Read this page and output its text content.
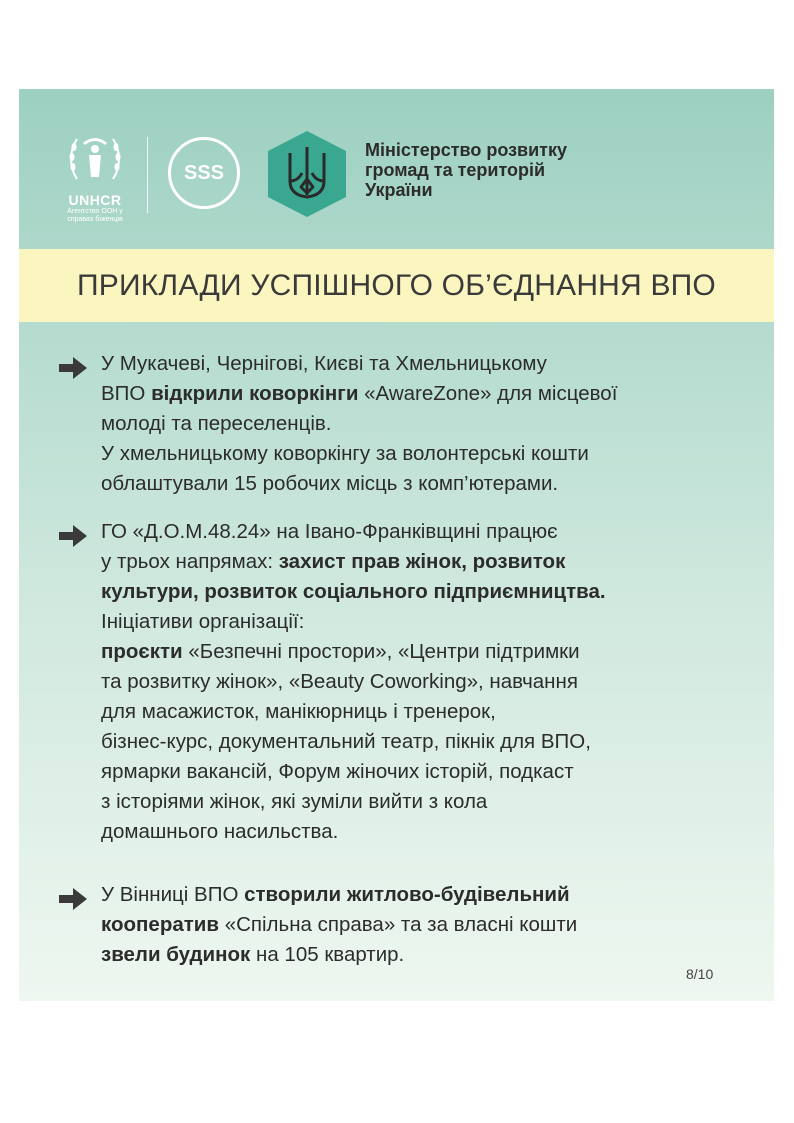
UNHCR
Агентство ООН у справах біженців
SSS
Міністерство розвитку
громад та територій
України
ПРИКЛАДИ УСПІШНОГО ОБ’ЄДНАННЯ ВПО

У Мукачеві, Чернігові, Києві та Хмельницькому

ВПО відкрили коворкінги «AwareZone» для місцевої

молоді та переселенців.

У хмельницькому коворкінгу за волонтерські кошти

облаштували 15 робочих місць з комп’ютерами.

ГО «Д.О.М.48.24» на Івано-Франківщині працює

у трьох напрямах: захист прав жінок, розвиток

культури, розвиток соціального підприємництва.

Ініціативи організації:

проєкти «Безпечні простори», «Центри підтримки

та розвитку жінок», «Beauty Coworking», навчання

для масажисток, манікюрниць і тренерок,

бізнес-курс, документальний театр, пікнік для ВПО,

ярмарки вакансій, Форум жіночих історій, подкаст

з історіями жінок, які зуміли вийти з кола

домашнього насильства.

У Вінниці ВПО створили житлово-будівельний

кооператив «Спільна справа» та за власні кошти

звели будинок на 105 квартир.

8/10
